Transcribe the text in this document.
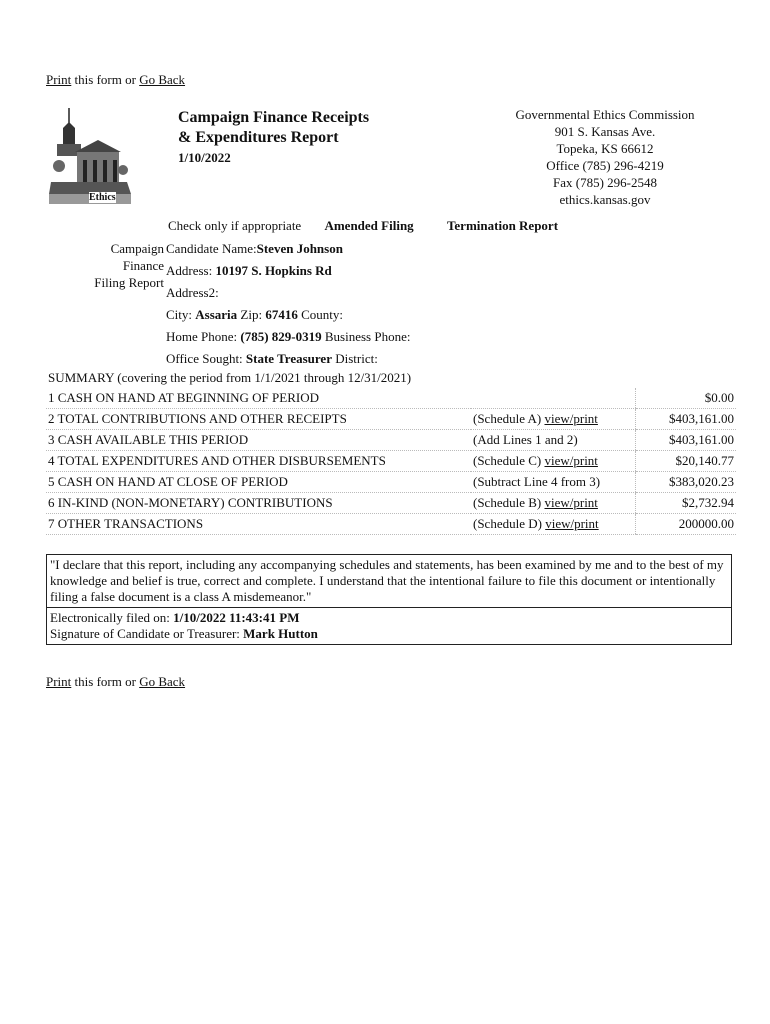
Print this form or Go Back
Ethics
Campaign Finance Receipts
& Expenditures Report
1/10/2022
Governmental Ethics Commission
901 S. Kansas Ave.
Topeka, KS 66612
Office (785) 296-4219
Fax (785) 296-2548
ethics.kansas.gov
Check only if appropriate Amended Filing	Termination Report
Campaign
Finance
Filing Report
Candidate Name:Steven Johnson
Address: 10197 S. Hopkins Rd
Address2:
City: Assaria Zip: 67416 County:
Home Phone: (785) 829-0319 Business Phone:
Office Sought: State Treasurer District:
SUMMARY (covering the period from 1/1/2021 through 12/31/2021)		
1 CASH ON HAND AT BEGINNING OF PERIOD		$0.00
2 TOTAL CONTRIBUTIONS AND OTHER RECEIPTS	(Schedule A) view/print	$403,161.00
3 CASH AVAILABLE THIS PERIOD	(Add Lines 1 and 2)	$403,161.00
4 TOTAL EXPENDITURES AND OTHER DISBURSEMENTS	(Schedule C) view/print	$20,140.77
5 CASH ON HAND AT CLOSE OF PERIOD	(Subtract Line 4 from 3)	$383,020.23
6 IN-KIND (NON-MONETARY) CONTRIBUTIONS	(Schedule B) view/print	$2,732.94
7 OTHER TRANSACTIONS	(Schedule D) view/print	200000.00
"I declare that this report, including any accompanying schedules and statements, has been examined by me and to the best of my knowledge and belief is true, correct and complete. I understand that the intentional failure to file this document or intentionally filing a false document is a class A misdemeanor."
Electronically filed on: 1/10/2022 11:43:41 PM
Signature of Candidate or Treasurer: Mark Hutton
Print this form or Go Back
